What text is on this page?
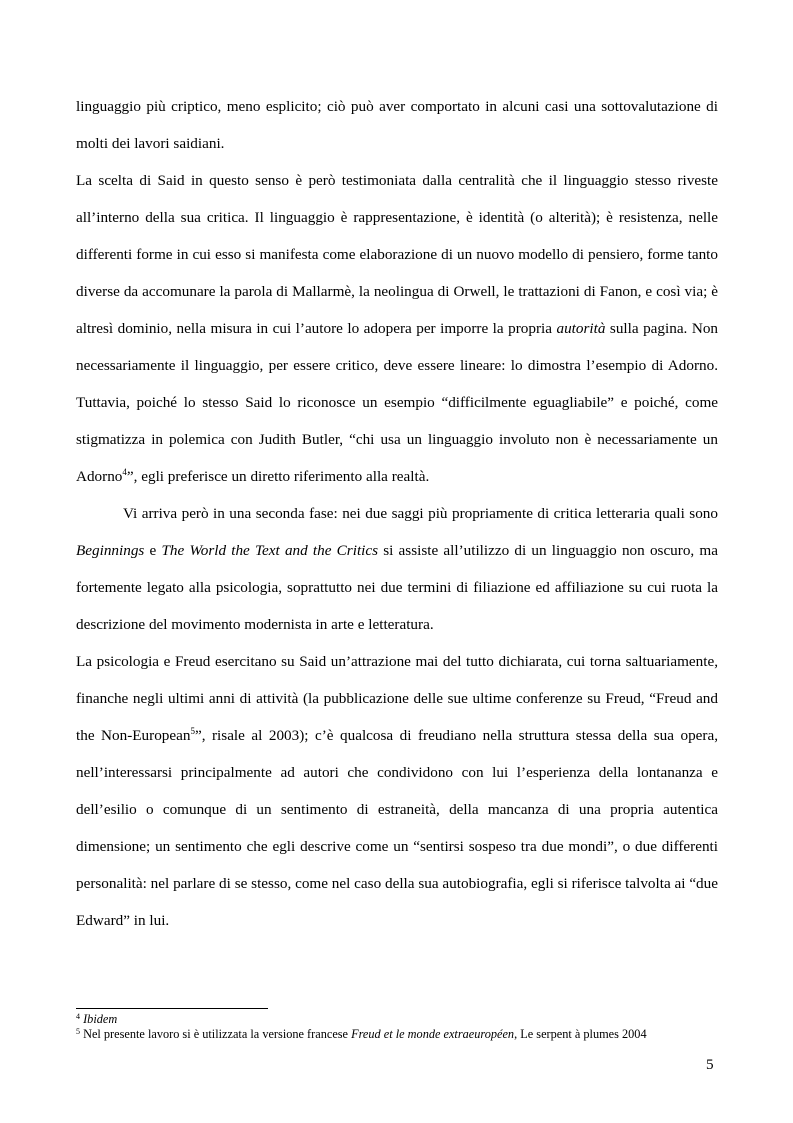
linguaggio più criptico, meno esplicito; ciò può aver comportato in alcuni casi una sottovalutazione di molti dei lavori saidiani.

La scelta di Said in questo senso è però testimoniata dalla centralità che il linguaggio stesso riveste all’interno della sua critica. Il linguaggio è rappresentazione, è identità (o alterità); è resistenza, nelle differenti forme in cui esso si manifesta come elaborazione di un nuovo modello di pensiero, forme tanto diverse da accomunare la parola di Mallarmè, la neolingua di Orwell, le trattazioni di Fanon, e così via; è altresì dominio, nella misura in cui l’autore lo adopera per imporre la propria autorità sulla pagina. Non necessariamente il linguaggio, per essere critico, deve essere lineare: lo dimostra l’esempio di Adorno. Tuttavia, poiché lo stesso Said lo riconosce un esempio “difficilmente eguagliabile” e poiché, come stigmatizza in polemica con Judith Butler, “chi usa un linguaggio involuto non è necessariamente un Adorno$^4$”, egli preferisce un diretto riferimento alla realtà.

Vi arriva però in una seconda fase: nei due saggi più propriamente di critica letteraria quali sono Beginnings e The World the Text and the Critics si assiste all’utilizzo di un linguaggio non oscuro, ma fortemente legato alla psicologia, soprattutto nei due termini di filiazione ed affiliazione su cui ruota la descrizione del movimento modernista in arte e letteratura.

La psicologia e Freud esercitano su Said un’attrazione mai del tutto dichiarata, cui torna saltuariamente, finanche negli ultimi anni di attività (la pubblicazione delle sue ultime conferenze su Freud, “Freud and the Non-European$^5$”, risale al 2003); c’è qualcosa di freudiano nella struttura stessa della sua opera, nell’interessarsi principalmente ad autori che condividono con lui l’esperienza della lontananza e dell’esilio o comunque di un sentimento di estraneità, della mancanza di una propria autentica dimensione; un sentimento che egli descrive come un “sentirsi sospeso tra due mondi”, o due differenti personalità: nel parlare di se stesso, come nel caso della sua autobiografia, egli si riferisce talvolta ai “due Edward” in lui.

$^4$ Ibidem
$^5$ Nel presente lavoro si è utilizzata la versione francese Freud et le monde extraeuropéen, Le serpent à plumes 2004
5
